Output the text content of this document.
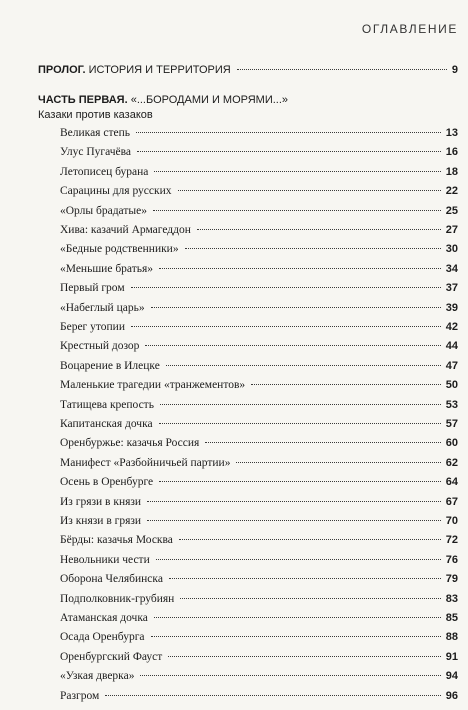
ОГЛАВЛЕНИЕ
ПРОЛОГ. ИСТОРИЯ И ТЕРРИТОРИЯ	9
ЧАСТЬ ПЕРВАЯ. «...БОРОДАМИ И МОРЯМИ...»
Казаки против казаков
Великая степь	13
Улус Пугачёва	16
Летописец бурана	18
Сарацины для русских	22
«Орлы брадатые»	25
Хива: казачий Армагеддон	27
«Бедные родственники»	30
«Меньшие братья»	34
Первый гром	37
«Набеглый царь»	39
Берег утопии	42
Крестный дозор	44
Воцарение в Илецке	47
Маленькие трагедии «транжементов»	50
Татищева крепость	53
Капитанская дочка	57
Оренбуржье: казачья Россия	60
Манифест «Разбойничьей партии»	62
Осень в Оренбурге	64
Из грязи в князи	67
Из князи в грязи	70
Бёрды: казачья Москва	72
Невольники чести	76
Оборона Челябинска	79
Подполковник-грубиян	83
Атаманская дочка	85
Осада Оренбурга	88
Оренбургский Фауст	91
«Узкая дверка»	94
Разгром	96
